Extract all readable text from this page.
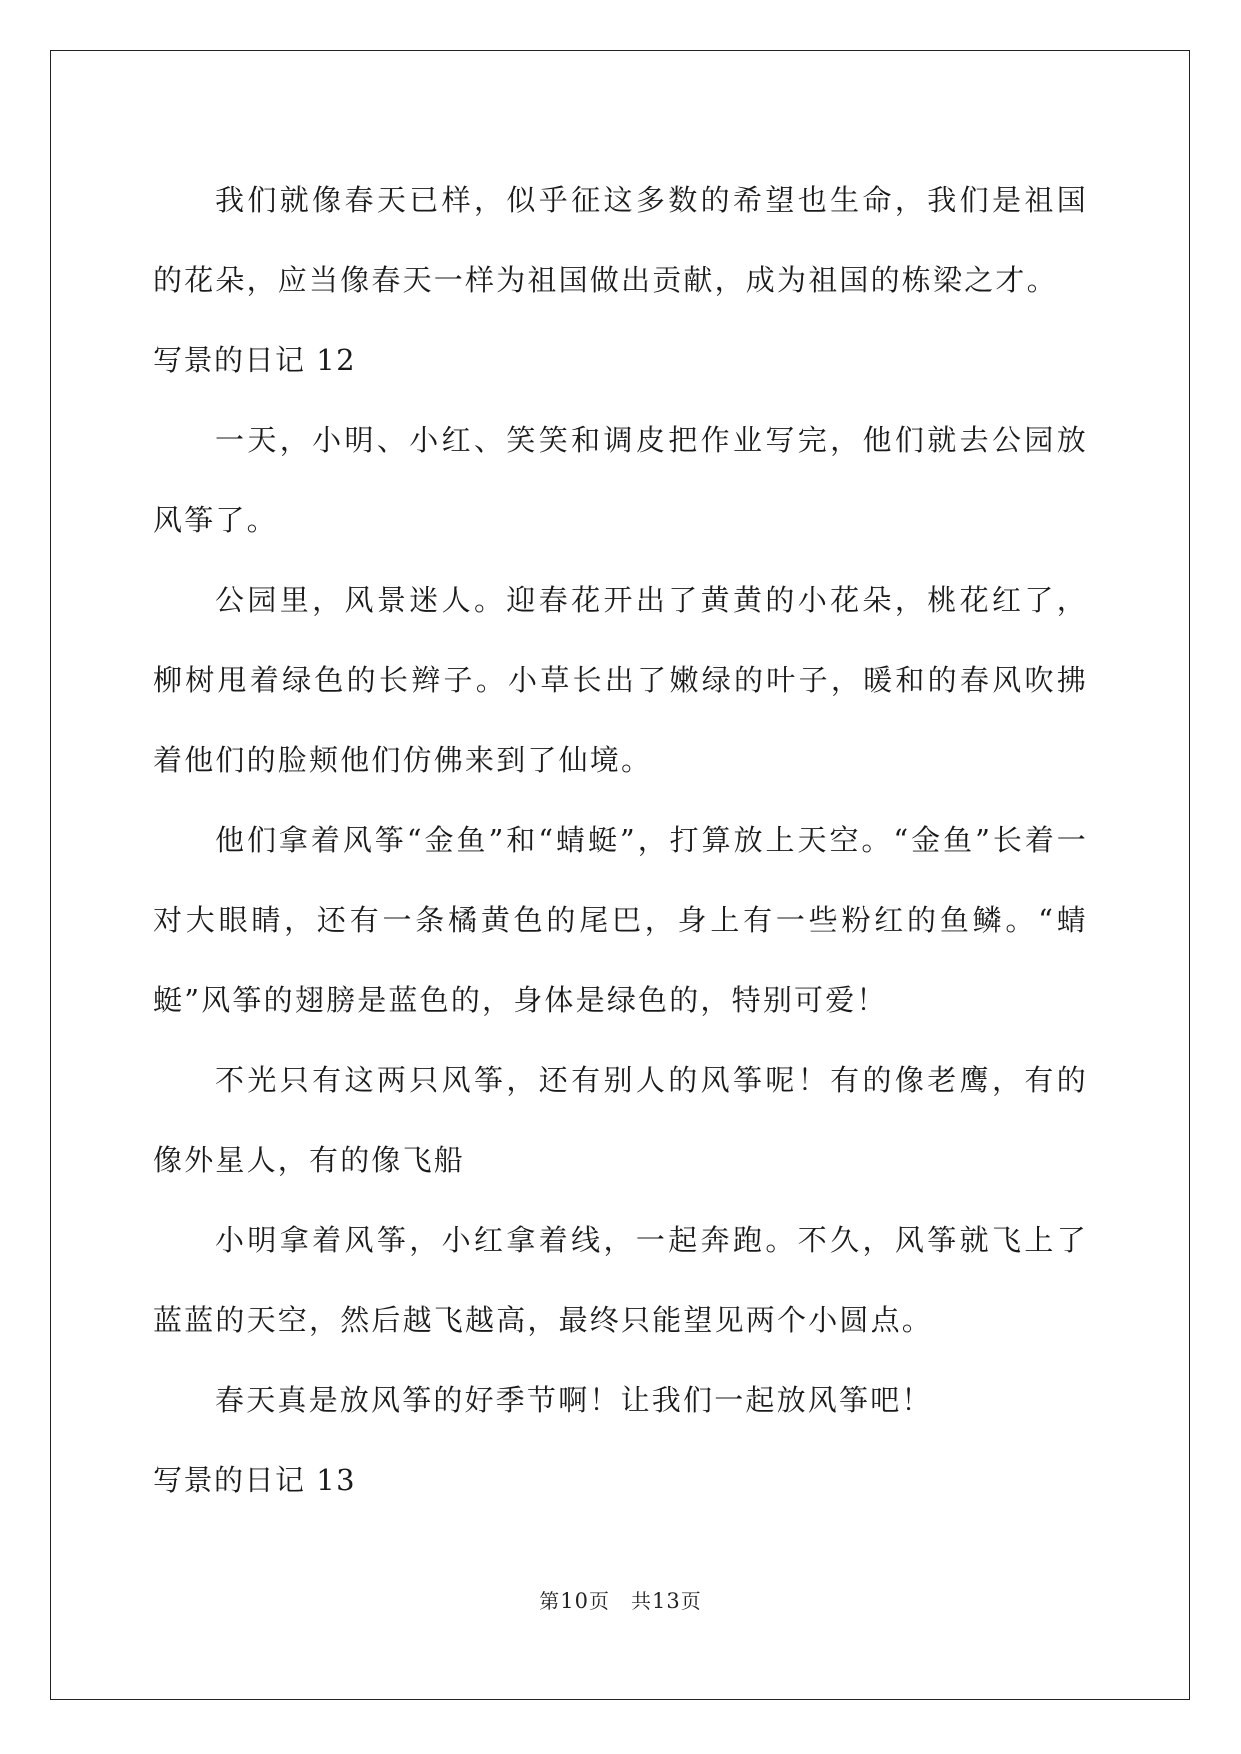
我们就像春天已样，似乎征这多数的希望也生命，我们是祖国的花朵，应当像春天一样为祖国做出贡献，成为祖国的栋梁之才。

写景的日记 12

一天，小明、小红、笑笑和调皮把作业写完，他们就去公园放风筝了。

公园里，风景迷人。迎春花开出了黄黄的小花朵，桃花红了，柳树甩着绿色的长辫子。小草长出了嫩绿的叶子，暖和的春风吹拂着他们的脸颊他们仿佛来到了仙境。

他们拿着风筝“金鱼”和“蜻蜓”，打算放上天空。“金鱼”长着一对大眼睛，还有一条橘黄色的尾巴，身上有一些粉红的鱼鳞。“蜻蜓”风筝的翅膀是蓝色的，身体是绿色的，特别可爱！

不光只有这两只风筝，还有别人的风筝呢！有的像老鹰，有的像外星人，有的像飞船

小明拿着风筝，小红拿着线，一起奔跑。不久，风筝就飞上了蓝蓝的天空，然后越飞越高，最终只能望见两个小圆点。

春天真是放风筝的好季节啊！让我们一起放风筝吧！

写景的日记 13
第10页　共13页
